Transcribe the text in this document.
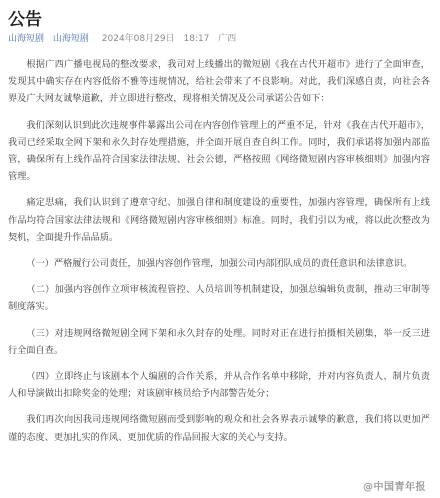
公告
山海短剧 山海短剧 2024年08月29日 18:17 广西

根据广西广播电视局的整改要求，我司对上线播出的微短剧《我在古代开超市》进行了全面审查，发现其中确实存在内容低俗不雅等违规情况，给社会带来了不良影响。对此，我们深感自责，向社会各界及广大网友诚挚道歉，并立即进行整改，现将相关情况及公司承诺公告如下：

我们深刻认识到此次违规事件暴露出公司在内容创作管理上的严重不足，针对《我在古代开超市》，我司已经采取全网下架和永久封存处理措施，并全面开展自查自纠工作。同时，我们承诺将加强内部监管，确保所有上线作品符合国家法律法规、社会公德，严格按照《网络微短剧内容审核细则》加强内容管理。

痛定思痛，我们认识到了遵章守纪、加强自律和制度建设的重要性，加强内容管理，确保所有上线作品均符合国家法律法规和《网络微短剧内容审核细则》标准。同时，我们引以为戒，将以此次整改为契机，全面提升作品品质。

（一）严格履行公司责任，加强内容创作管理，加强公司内部团队成员的责任意识和法律意识。

（二）加强内容创作立项审核流程管控、人员培训等机制建设，加强总编辑负责制，推动三审制等制度落实。

（三）对违规网络微短剧全网下架和永久封存的处理。同时对正在进行拍摄相关剧集，举一反三进行全面自查。

（四）立即终止与该剧本个人编剧的合作关系，并从合作名单中移除，并对内容负责人、制片负责人和导演做出扣除奖金的处理；对该剧审核员给予内部警告处分；

我们再次向因我司违规网络微短剧而受到影响的观众和社会各界表示诚挚的歉意，我们将以更加严谨的态度、更加扎实的作风、更加优质的作品回报大家的关心与支持。

@中国青年报
